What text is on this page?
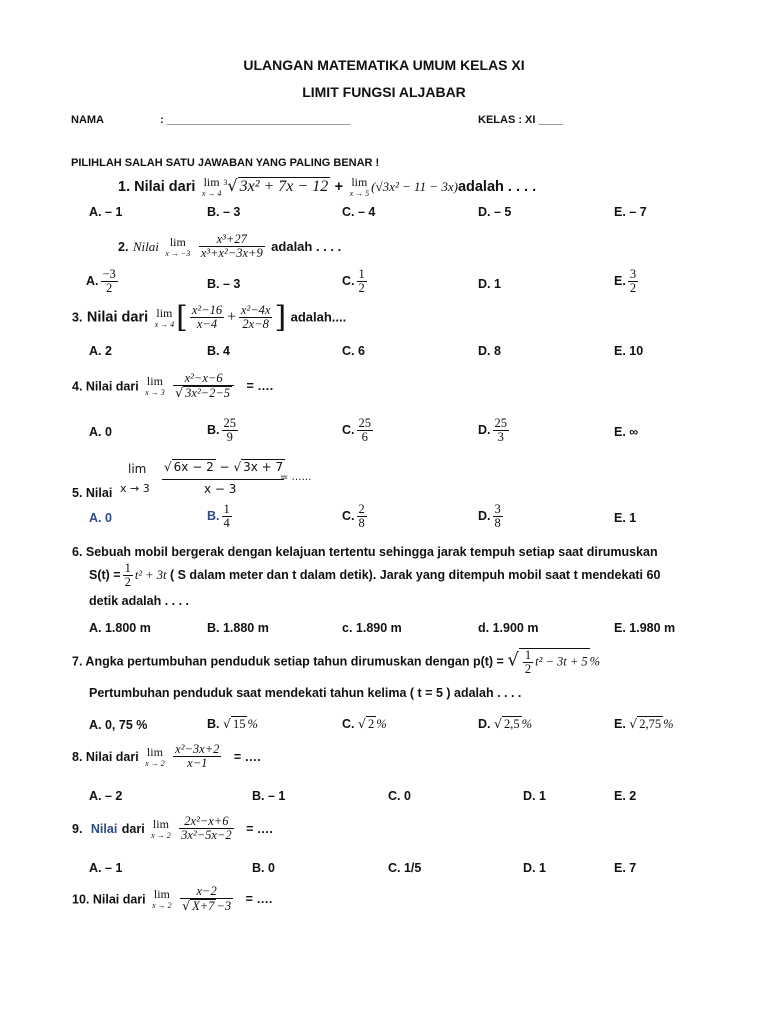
ULANGAN MATEMATIKA UMUM KELAS XI
LIMIT FUNGSI ALJABAR
NAMA	: ______________________________	KELAS : XI ____
PILIHLAH SALAH SATU JAWABAN YANG PALING BENAR !
1. Nilai dari lim
x → 4
$^3$√ 3x² + 7x − 12 + lim
x → 5 (√3x² − 11 − 3x)adalah . . . .
A. – 1	B. – 3	C. – 4	D. – 5	E. – 7
2. Nilai lim
x → −3
$\frac{\text{x³+27}}{\text{x³+x²−3x+9}}$ adalah . . . .
A. $\frac{-3}{2}$	B. – 3	C. $\frac{1}{2}$	D. 1	E. $\frac{3}{2}$
3. Nilai dari lim
x → 4 [ $\frac{\text{x²−16}}{x-4} + \frac{\text{x²−4x}}{2x-8}$ ] adalah....
A. 2	B. 4	C. 6	D. 8	E. 10
4. Nilai dari lim
x → 3
$\frac{\text{x²−x−6}}{\text{√ 3x²−2−5}}$ = ….
A. 0	B. $\frac{25}{9}$	C. $\frac{25}{6}$	D. $\frac{25}{3}$	E. ∞
lim
x → 3
√ 6x − 2 − √ 3x + 7
x − 3
= ……
5. Nilai
A. 0	B. $\frac{1}{4}$	C. $\frac{2}{8}$	D. $\frac{3}{8}$	E. 1
6. Sebuah mobil bergerak dengan kelajuan tertentu sehingga jarak tempuh setiap saat dirumuskan
$S(t) = \frac{1}{2} t^2 + 3t$ ( S dalam meter dan t dalam detik). Jarak yang ditempuh mobil saat t mendekati 60
detik adalah . . . .
A. 1.800 m	B. 1.880 m	c. 1.890 m	d. 1.900 m	E. 1.980 m
7. Angka pertumbuhan penduduk setiap tahun dirumuskan dengan p(t) = √ $\frac{1}{2} t^2 - 3t + 5$ %
Pertumbuhan penduduk saat mendekati tahun kelima ( t = 5 ) adalah . . . .
A. 0, 75 %	B. √ 15 %	C. √ 2 %	D. √ 2,5 %	E. √ 2,75 %
8. Nilai dari lim
x → 2
$\frac{\text{x²−3x+2}}{x-1}$ = ….
A. – 2	B. – 1	C. 0	D. 1	E. 2
9. Nilai dari lim
x → 2
$\frac{\text{2x²−x+6}}{\text{3x²−5x−2}}$ = ….
A. – 1	B. 0	C. 1/5	D. 1	E. 7
10. Nilai dari lim
x → 2
$\frac{x-2}{√ X+7 -3}$ = ….
